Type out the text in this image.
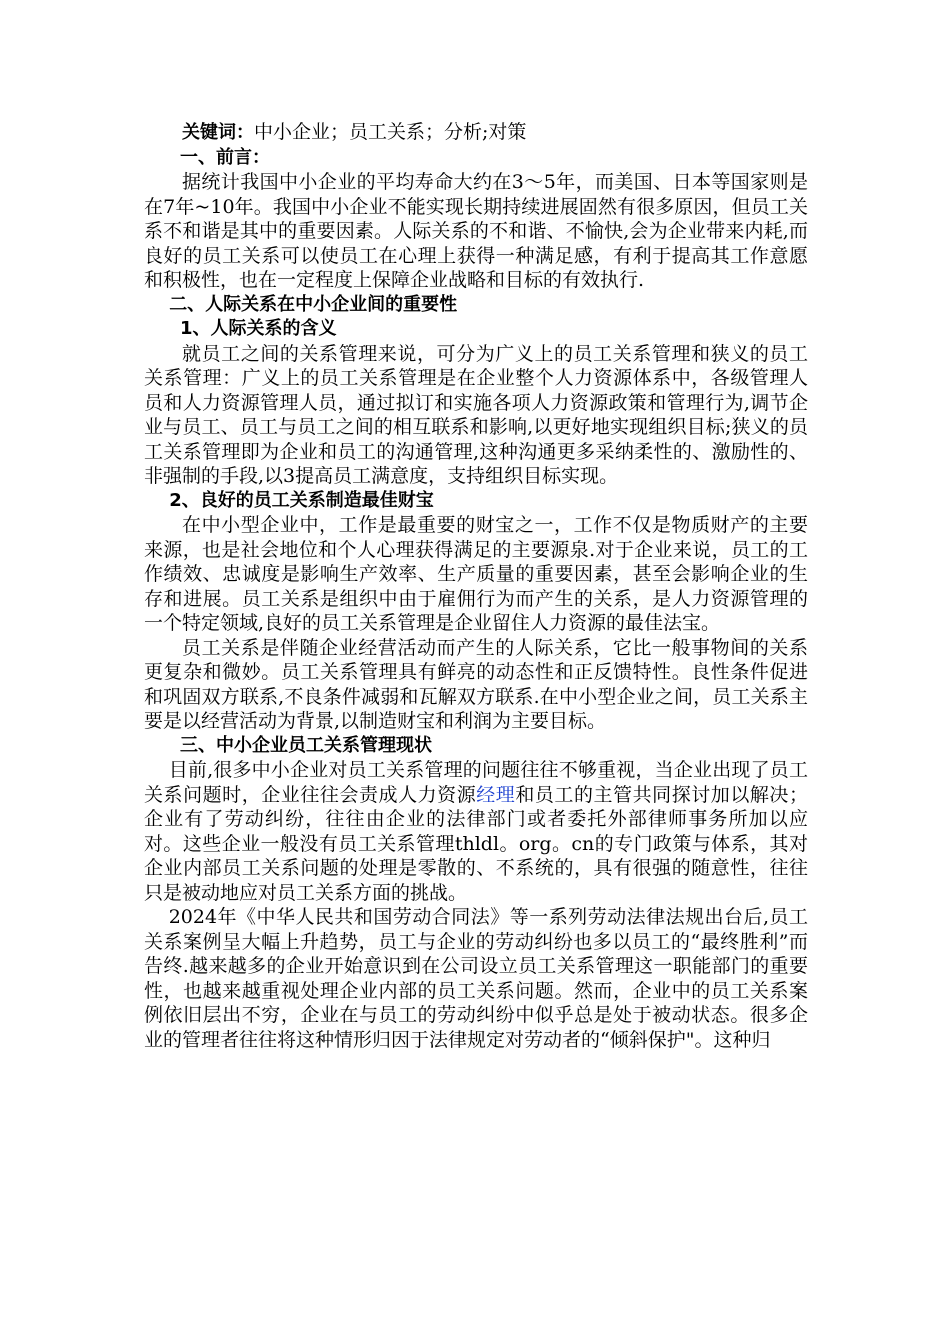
关键词：中小企业；员工关系；分析;对策

一、前言：

据统计我国中小企业的平均寿命大约在3～5年，而美国、日本等国家则是在7年~10年。我国中小企业不能实现长期持续进展固然有很多原因，但员工关系不和谐是其中的重要因素。人际关系的不和谐、不愉快,会为企业带来内耗,而良好的员工关系可以使员工在心理上获得一种满足感，有利于提高其工作意愿和积极性，也在一定程度上保障企业战略和目标的有效执行.

二、人际关系在中小企业间的重要性

1、人际关系的含义

就员工之间的关系管理来说，可分为广义上的员工关系管理和狭义的员工关系管理：广义上的员工关系管理是在企业整个人力资源体系中，各级管理人员和人力资源管理人员，通过拟订和实施各项人力资源政策和管理行为,调节企业与员工、员工与员工之间的相互联系和影响,以更好地实现组织目标;狭义的员工关系管理即为企业和员工的沟通管理,这种沟通更多采纳柔性的、激励性的、非强制的手段,以3提高员工满意度，支持组织目标实现。

2、良好的员工关系制造最佳财宝

在中小型企业中，工作是最重要的财宝之一，工作不仅是物质财产的主要来源，也是社会地位和个人心理获得满足的主要源泉.对于企业来说，员工的工作绩效、忠诚度是影响生产效率、生产质量的重要因素，甚至会影响企业的生存和进展。员工关系是组织中由于雇佣行为而产生的关系，是人力资源管理的一个特定领域,良好的员工关系管理是企业留住人力资源的最佳法宝。

员工关系是伴随企业经营活动而产生的人际关系，它比一般事物间的关系更复杂和微妙。员工关系管理具有鲜亮的动态性和正反馈特性。良性条件促进和巩固双方联系,不良条件减弱和瓦解双方联系.在中小型企业之间，员工关系主要是以经营活动为背景,以制造财宝和利润为主要目标。

三、中小企业员工关系管理现状

目前,很多中小企业对员工关系管理的问题往往不够重视，当企业出现了员工关系问题时，企业往往会责成人力资源经理和员工的主管共同探讨加以解决；企业有了劳动纠纷，往往由企业的法律部门或者委托外部律师事务所加以应对。这些企业一般没有员工关系管理thldl。org。cn的专门政策与体系，其对企业内部员工关系问题的处理是零散的、不系统的，具有很强的随意性，往往只是被动地应对员工关系方面的挑战。

2024年《中华人民共和国劳动合同法》等一系列劳动法律法规出台后,员工关系案例呈大幅上升趋势，员工与企业的劳动纠纷也多以员工的“最终胜利”而告终.越来越多的企业开始意识到在公司设立员工关系管理这一职能部门的重要性，也越来越重视处理企业内部的员工关系问题。然而，企业中的员工关系案例依旧层出不穷，企业在与员工的劳动纠纷中似乎总是处于被动状态。很多企业的管理者往往将这种情形归因于法律规定对劳动者的“倾斜保护"。这种归
